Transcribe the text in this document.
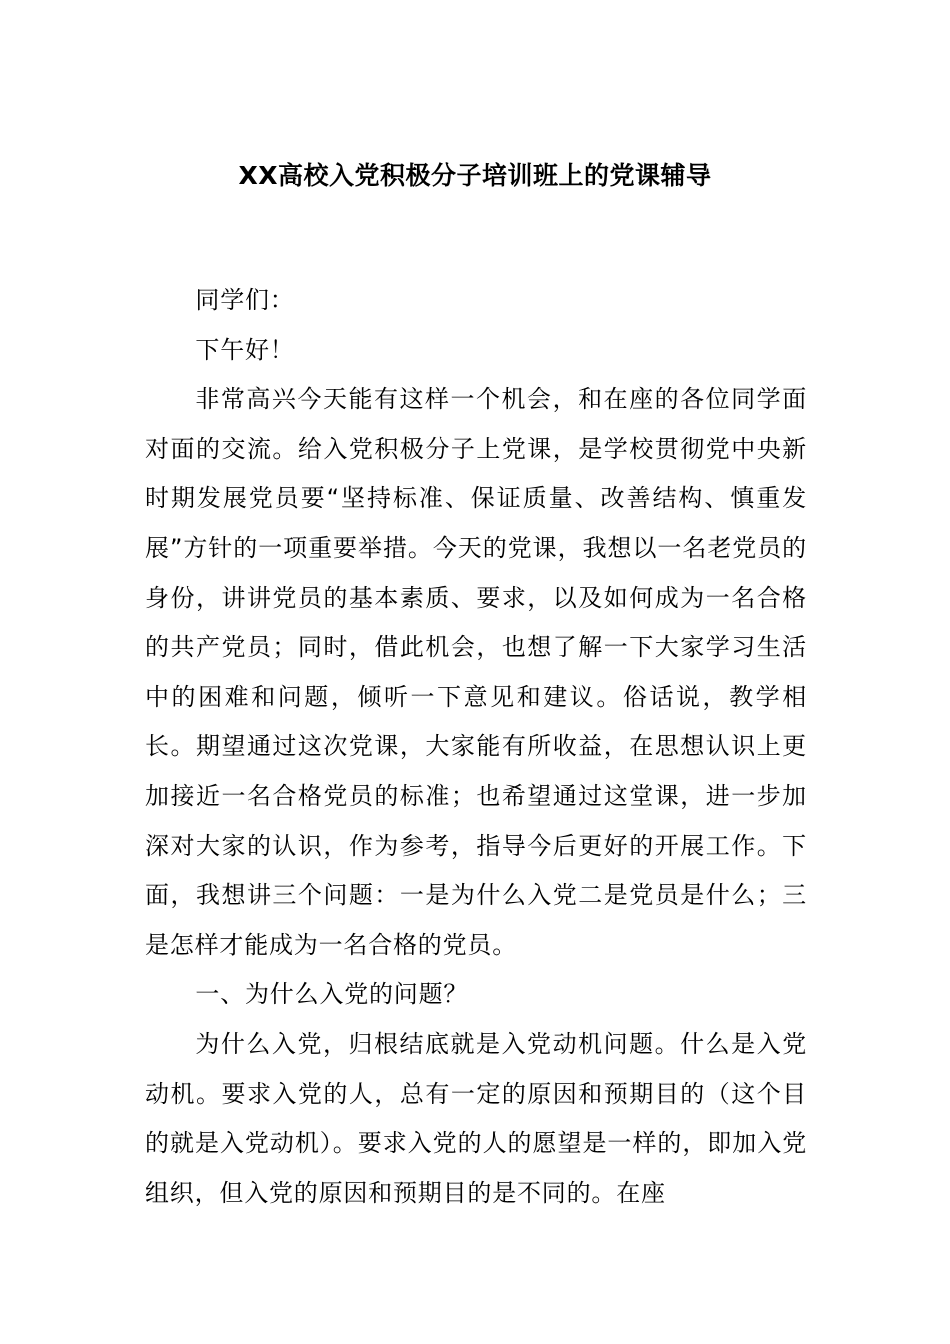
XX高校入党积极分子培训班上的党课辅导

同学们：

下午好！

非常高兴今天能有这样一个机会，和在座的各位同学面对面的交流。给入党积极分子上党课，是学校贯彻党中央新时期发展党员要“坚持标准、保证质量、改善结构、慎重发展”方针的一项重要举措。今天的党课，我想以一名老党员的身份，讲讲党员的基本素质、要求，以及如何成为一名合格的共产党员；同时，借此机会，也想了解一下大家学习生活中的困难和问题，倾听一下意见和建议。俗话说，教学相长。期望通过这次党课，大家能有所收益，在思想认识上更加接近一名合格党员的标准；也希望通过这堂课，进一步加深对大家的认识，作为参考，指导今后更好的开展工作。下面，我想讲三个问题：一是为什么入党二是党员是什么；三是怎样才能成为一名合格的党员。

一、为什么入党的问题？

为什么入党，归根结底就是入党动机问题。什么是入党动机。要求入党的人，总有一定的原因和预期目的（这个目的就是入党动机）。要求入党的人的愿望是一样的，即加入党组织，但入党的原因和预期目的是不同的。在座
